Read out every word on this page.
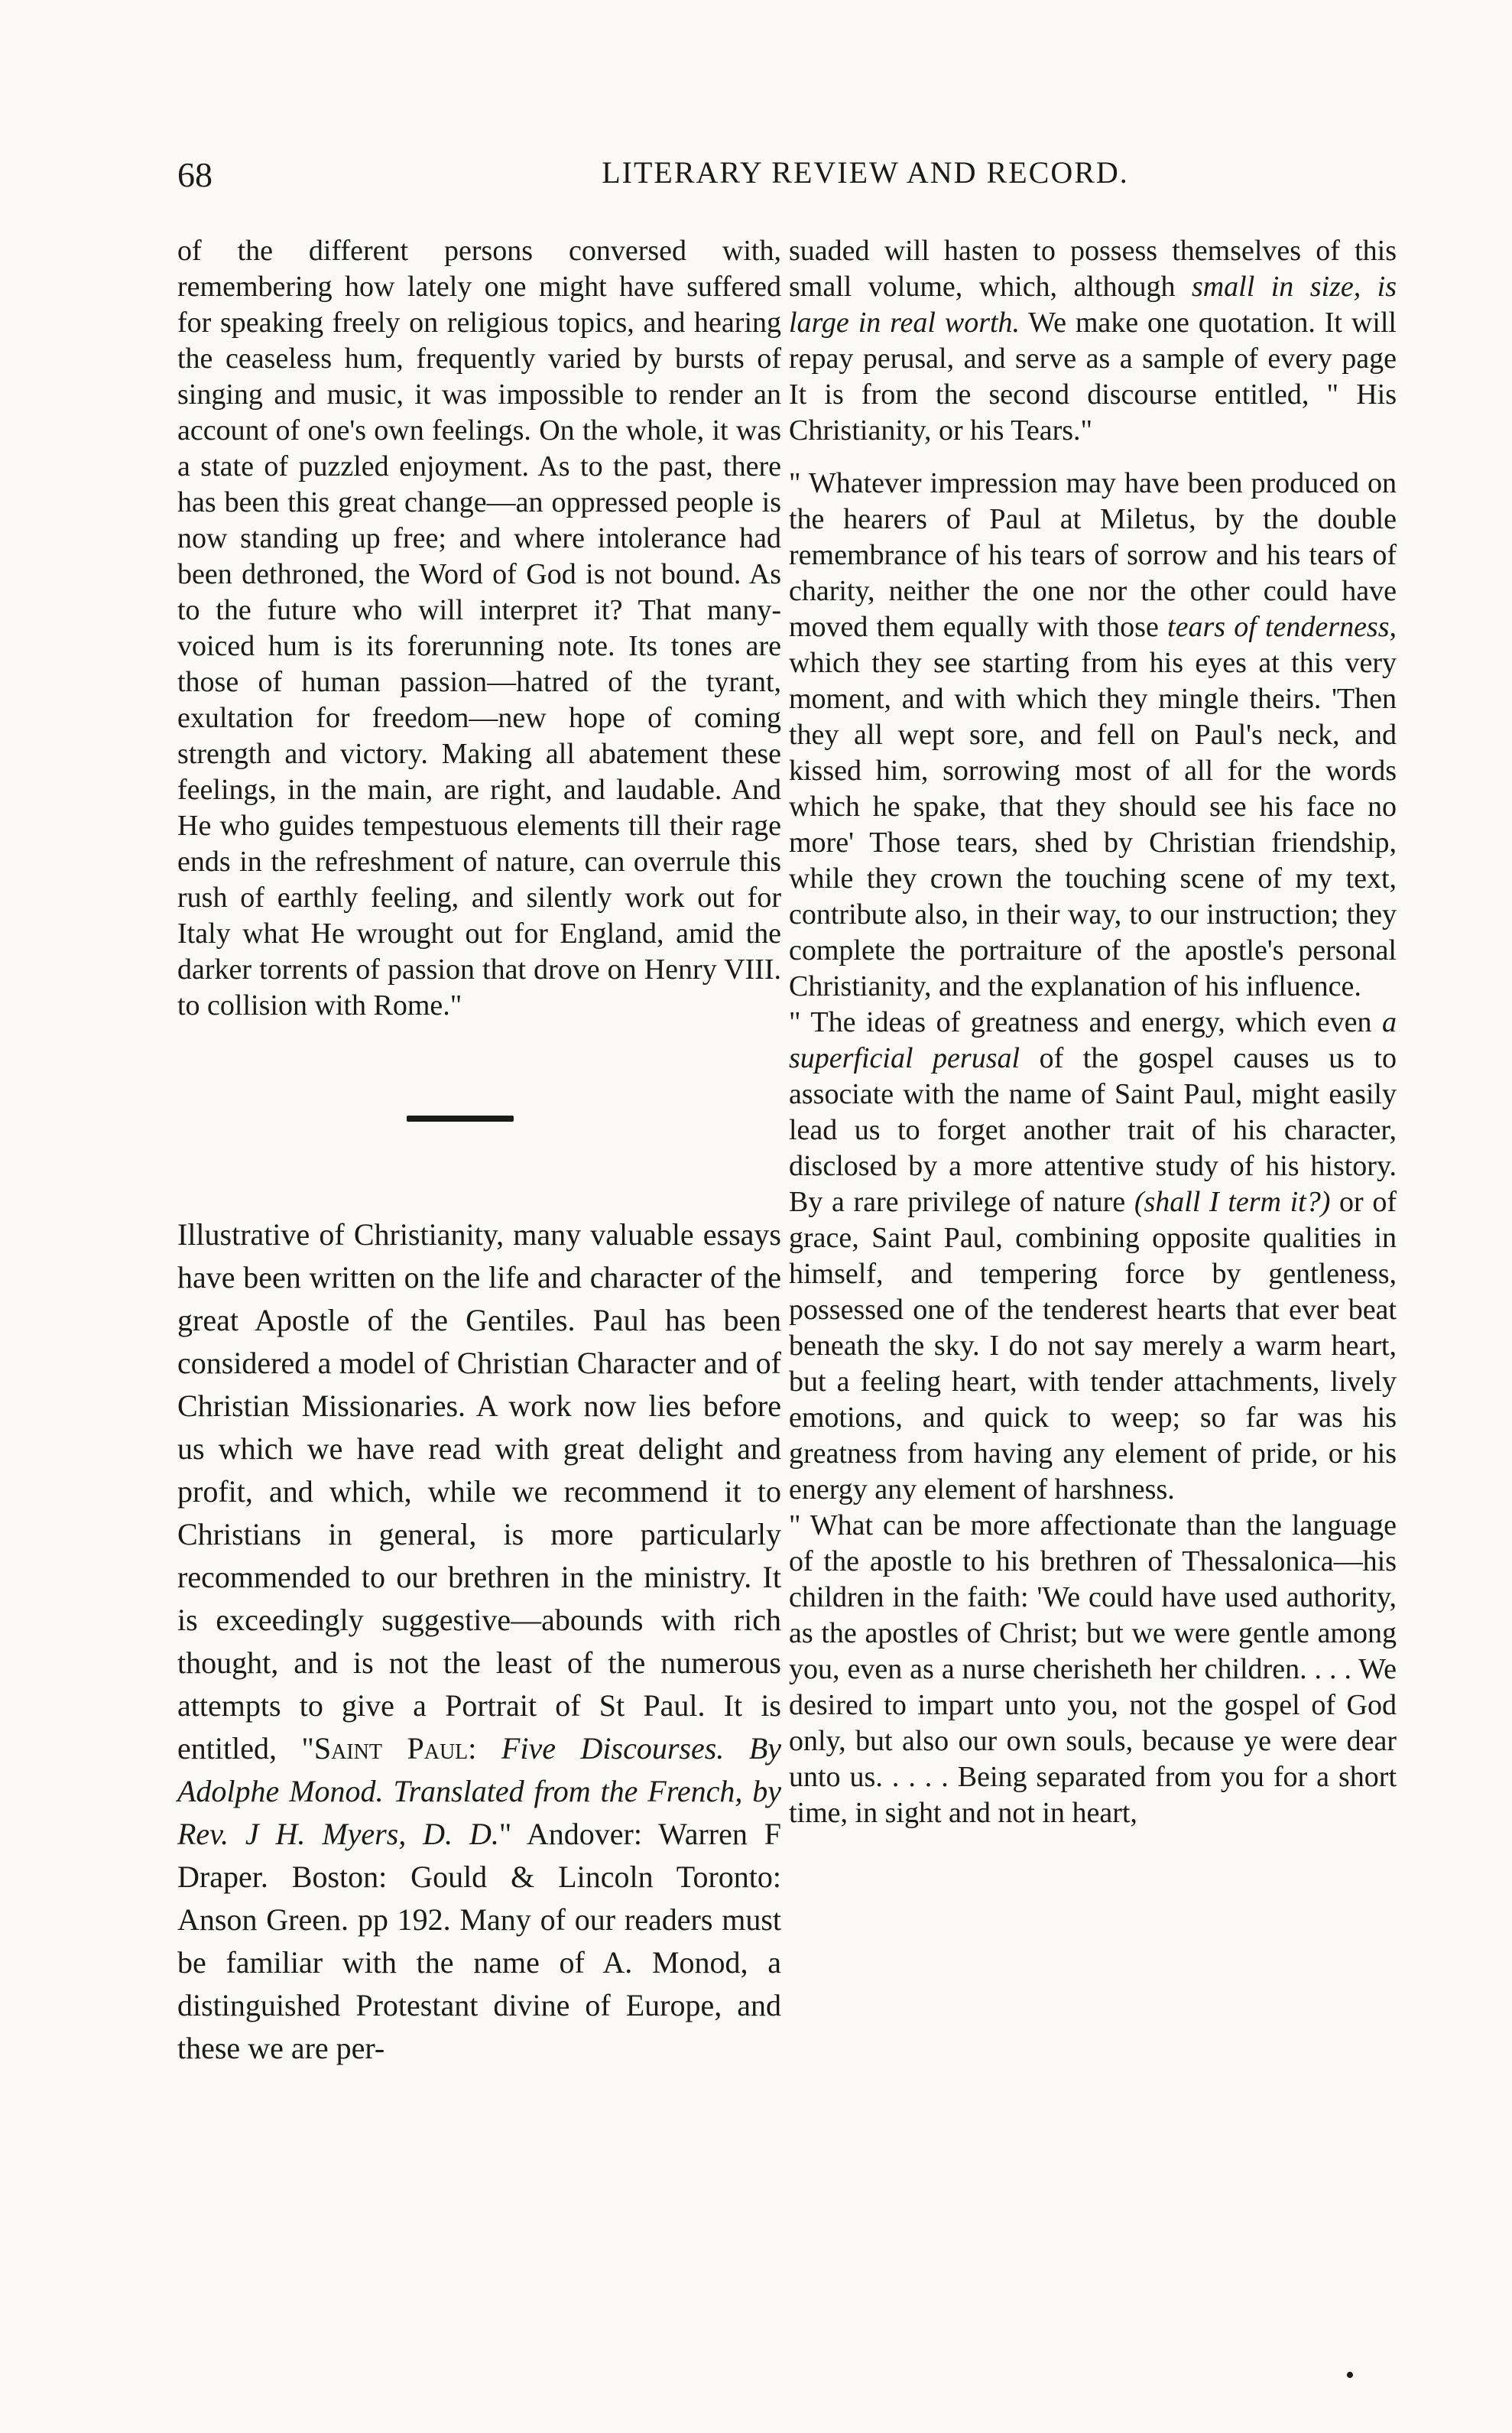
68	LITERARY REVIEW AND RECORD.

of the different persons conversed with, remembering how lately one might have suffered for speaking freely on religious topics, and hearing the ceaseless hum, frequently varied by bursts of singing and music, it was impossible to render an account of one's own feelings. On the whole, it was a state of puzzled enjoyment. As to the past, there has been this great change—an oppressed people is now standing up free; and where intolerance had been dethroned, the Word of God is not bound. As to the future who will interpret it? That many-voiced hum is its forerunning note. Its tones are those of human passion—hatred of the tyrant, exultation for freedom—new hope of coming strength and victory. Making all abatement these feelings, in the main, are right, and laudable. And He who guides tempestuous elements till their rage ends in the refreshment of nature, can overrule this rush of earthly feeling, and silently work out for Italy what He wrought out for England, amid the darker torrents of passion that drove on Henry VIII. to collision with Rome."

Illustrative of Christianity, many valuable essays have been written on the life and character of the great Apostle of the Gentiles. Paul has been considered a model of Christian Character and of Christian Missionaries. A work now lies before us which we have read with great delight and profit, and which, while we recommend it to Christians in general, is more particularly recommended to our brethren in the ministry. It is exceedingly suggestive—abounds with rich thought, and is not the least of the numerous attempts to give a Portrait of St Paul. It is entitled, "Saint Paul: Five Discourses. By Adolphe Monod. Translated from the French, by Rev. J H. Myers, D. D." Andover: Warren F Draper. Boston: Gould & Lincoln Toronto: Anson Green. pp 192. Many of our readers must be familiar with the name of A. Monod, a distinguished Protestant divine of Europe, and these we are per-

suaded will hasten to possess themselves of this small volume, which, although small in size, is large in real worth. We make one quotation. It will repay perusal, and serve as a sample of every page It is from the second discourse entitled, " His Christianity, or his Tears."

" Whatever impression may have been produced on the hearers of Paul at Miletus, by the double remembrance of his tears of sorrow and his tears of charity, neither the one nor the other could have moved them equally with those tears of tenderness, which they see starting from his eyes at this very moment, and with which they mingle theirs. 'Then they all wept sore, and fell on Paul's neck, and kissed him, sorrowing most of all for the words which he spake, that they should see his face no more' Those tears, shed by Christian friendship, while they crown the touching scene of my text, contribute also, in their way, to our instruction; they complete the portraiture of the apostle's personal Christianity, and the explanation of his influence.

" The ideas of greatness and energy, which even a superficial perusal of the gospel causes us to associate with the name of Saint Paul, might easily lead us to forget another trait of his character, disclosed by a more attentive study of his history. By a rare privilege of nature (shall I term it?) or of grace, Saint Paul, combining opposite qualities in himself, and tempering force by gentleness, possessed one of the tenderest hearts that ever beat beneath the sky. I do not say merely a warm heart, but a feeling heart, with tender attachments, lively emotions, and quick to weep; so far was his greatness from having any element of pride, or his energy any element of harshness.

" What can be more affectionate than the language of the apostle to his brethren of Thessalonica—his children in the faith: 'We could have used authority, as the apostles of Christ; but we were gentle among you, even as a nurse cherisheth her children. . . . We desired to impart unto you, not the gospel of God only, but also our own souls, because ye were dear unto us. . . . . Being separated from you for a short time, in sight and not in heart,

•
